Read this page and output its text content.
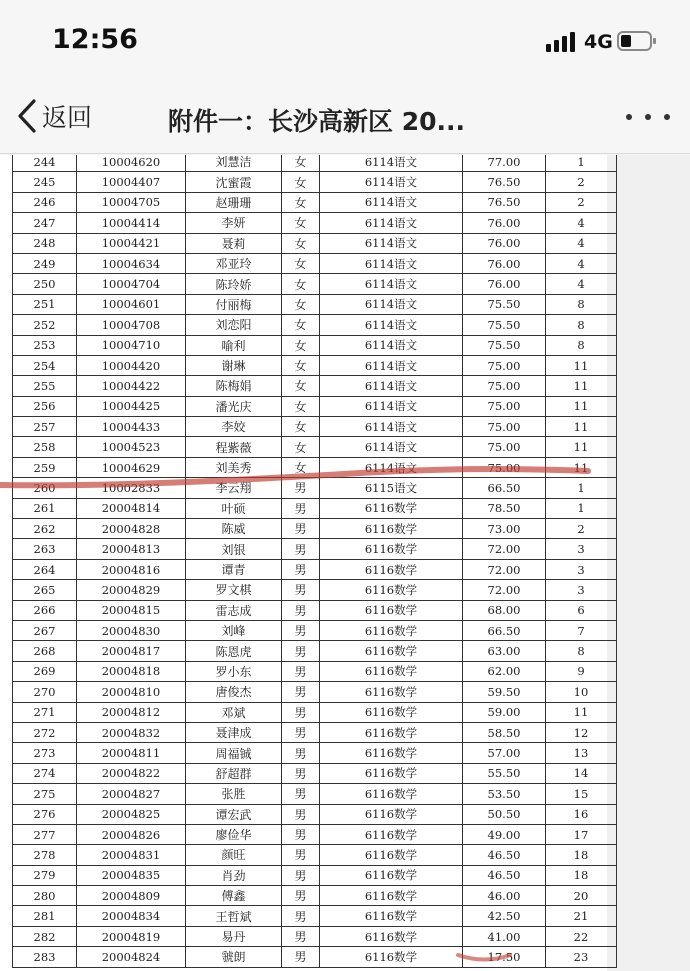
12:56	4G
返回	附件一：长沙高新区 20...
244	10004620	刘慧洁	女	6114语文	77.00	1
245	10004407	沈蜜霞	女	6114语文	76.50	2
246	10004705	赵珊珊	女	6114语文	76.50	2
247	10004414	李妍	女	6114语文	76.00	4
248	10004421	聂莉	女	6114语文	76.00	4
249	10004634	邓亚玲	女	6114语文	76.00	4
250	10004704	陈玲娇	女	6114语文	76.00	4
251	10004601	付丽梅	女	6114语文	75.50	8
252	10004708	刘恋阳	女	6114语文	75.50	8
253	10004710	喻利	女	6114语文	75.50	8
254	10004420	谢琳	女	6114语文	75.00	11
255	10004422	陈梅娟	女	6114语文	75.00	11
256	10004425	潘光庆	女	6114语文	75.00	11
257	10004433	李姣	女	6114语文	75.00	11
258	10004523	程紫薇	女	6114语文	75.00	11
259	10004629	刘美秀	女	6114语文	75.00	11
260	10002833	李云翔	男	6115语文	66.50	1
261	20004814	叶硕	男	6116数学	78.50	1
262	20004828	陈威	男	6116数学	73.00	2
263	20004813	刘银	男	6116数学	72.00	3
264	20004816	谭青	男	6116数学	72.00	3
265	20004829	罗文棋	男	6116数学	72.00	3
266	20004815	雷志成	男	6116数学	68.00	6
267	20004830	刘峰	男	6116数学	66.50	7
268	20004817	陈恩虎	男	6116数学	63.00	8
269	20004818	罗小东	男	6116数学	62.00	9
270	20004810	唐俊杰	男	6116数学	59.50	10
271	20004812	邓斌	男	6116数学	59.00	11
272	20004832	聂津成	男	6116数学	58.50	12
273	20004811	周福铖	男	6116数学	57.00	13
274	20004822	舒超群	男	6116数学	55.50	14
275	20004827	张胜	男	6116数学	53.50	15
276	20004825	谭宏武	男	6116数学	50.50	16
277	20004826	廖俭华	男	6116数学	49.00	17
278	20004831	颜旺	男	6116数学	46.50	18
279	20004835	肖劲	男	6116数学	46.50	18
280	20004809	傅鑫	男	6116数学	46.00	20
281	20004834	王哲斌	男	6116数学	42.50	21
282	20004819	易丹	男	6116数学	41.00	22
283	20004824	虢朗	男	6116数学	17.50	23
